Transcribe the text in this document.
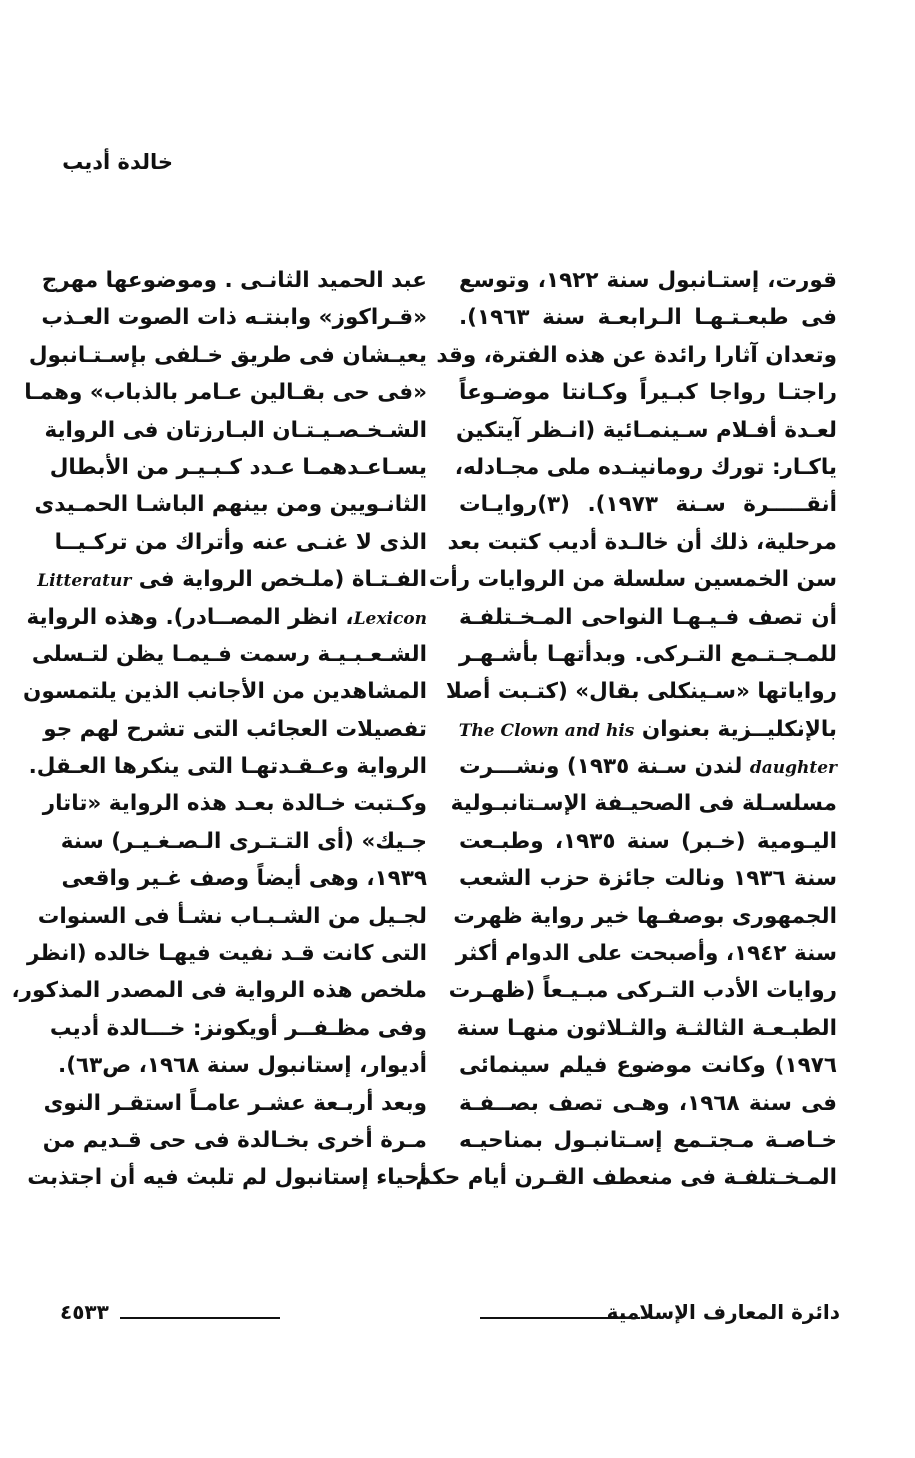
خالدة أديب
قورت، إستـانبول سنة ١٩٢٢، وتوسع
فى طبعـتـهـا الـرابعـة سنة ١٩٦٣).
وتعدان آثارا رائدة عن هذه الفترة، وقد
راجتـا رواجا كبـيراً وكـانتا موضـوعاً
لعـدة أفـلام سـينمـائية (انـظر آيتكين
ياكـار: تورك رومانينـده ملى مجـادله،
أنقـــــرة سـنة ١٩٧٣). (٣)روايـات
مرحلية، ذلك أن خالـدة أديب كتبت بعد
سن الخمسين سلسلة من الروايات رأت
أن تصف فـيـهـا النواحى المـخـتلفـة
للمـجـتـمع التـركى. وبدأتهـا بأشـهـر
رواياتها «سـينكلى بقال» (كتـبت أصلا
بالإنكليــزية بعنوان The Clown and his
daughter لندن سـنة ١٩٣٥) ونشـــرت
مسلسـلة فى الصحيـفة الإسـتانبـولية
اليـومية (خـبر) سنة ١٩٣٥، وطبـعت
سنة ١٩٣٦ ونالت جائزة حزب الشعب
الجمهورى بوصفـها خير رواية ظهرت
سنة ١٩٤٢، وأصبحت على الدوام أكثر
روايات الأدب التـركى مبـيـعاً (ظهـرت
الطبـعـة الثالثـة والثـلاثون منهـا سنة
١٩٧٦) وكانت موضوع فيلم سينمائى
فى سنة ١٩٦٨، وهـى تصف بصــفـة
خـاصـة مـجتـمع إسـتانبـول بمناحيـه
المـخـتلفـة فى منعطف القـرن أيام حكم
عبد الحميد الثانـى . وموضوعها مهرج
«قـراكوز» وابنتـه ذات الصوت العـذب
يعيـشان فى طريق خـلفى بإسـتـانبول
«فى حى بقـالين عـامر بالذباب» وهمـا
الشـخـصـيـتـان البـارزتان فى الرواية
يسـاعـدهمـا عـدد كـبـيـر من الأبطال
الثانـويين ومن بينهم الباشـا الحمـيدى
الذى لا غنـى عنه وأتراك من تركـيــا
الفـتـاة (ملـخص الرواية فى Litteratur
Lexicon، انظر المصــادر). وهذه الرواية
الشـعـبـيـة رسمت فـيمـا يظن لتـسلى
المشاهدين من الأجانب الذين يلتمسون
تفصيلات العجائب التى تشرح لهم جو
الرواية وعـقـدتهـا التى ينكرها العـقل.
وكـتبت خـالدة بعـد هذه الرواية «تاتار
جـيك» (أى التـتـرى الـصـغـيـر) سنة
١٩٣٩، وهى أيضاً وصف غـير واقعى
لجـيل من الشـبـاب نشـأ فى السنوات
التى كانت قـد نفيت فيهـا خالده (انظر
ملخص هذه الرواية فى المصدر المذكور،
وفى مظـفــر أويكونز: خـــالدة أديب
أديوار، إستانبول سنة ١٩٦٨، ص٦٣).
وبعد أربـعة عشـر عامـاً استقـر النوى
مـرة أخرى بخـالدة فى حى قـديم من
أحياء إستانبول لم تلبث فيه أن اجتذبت
دائرة المعارف الإسلامية
٤٥٣٣
